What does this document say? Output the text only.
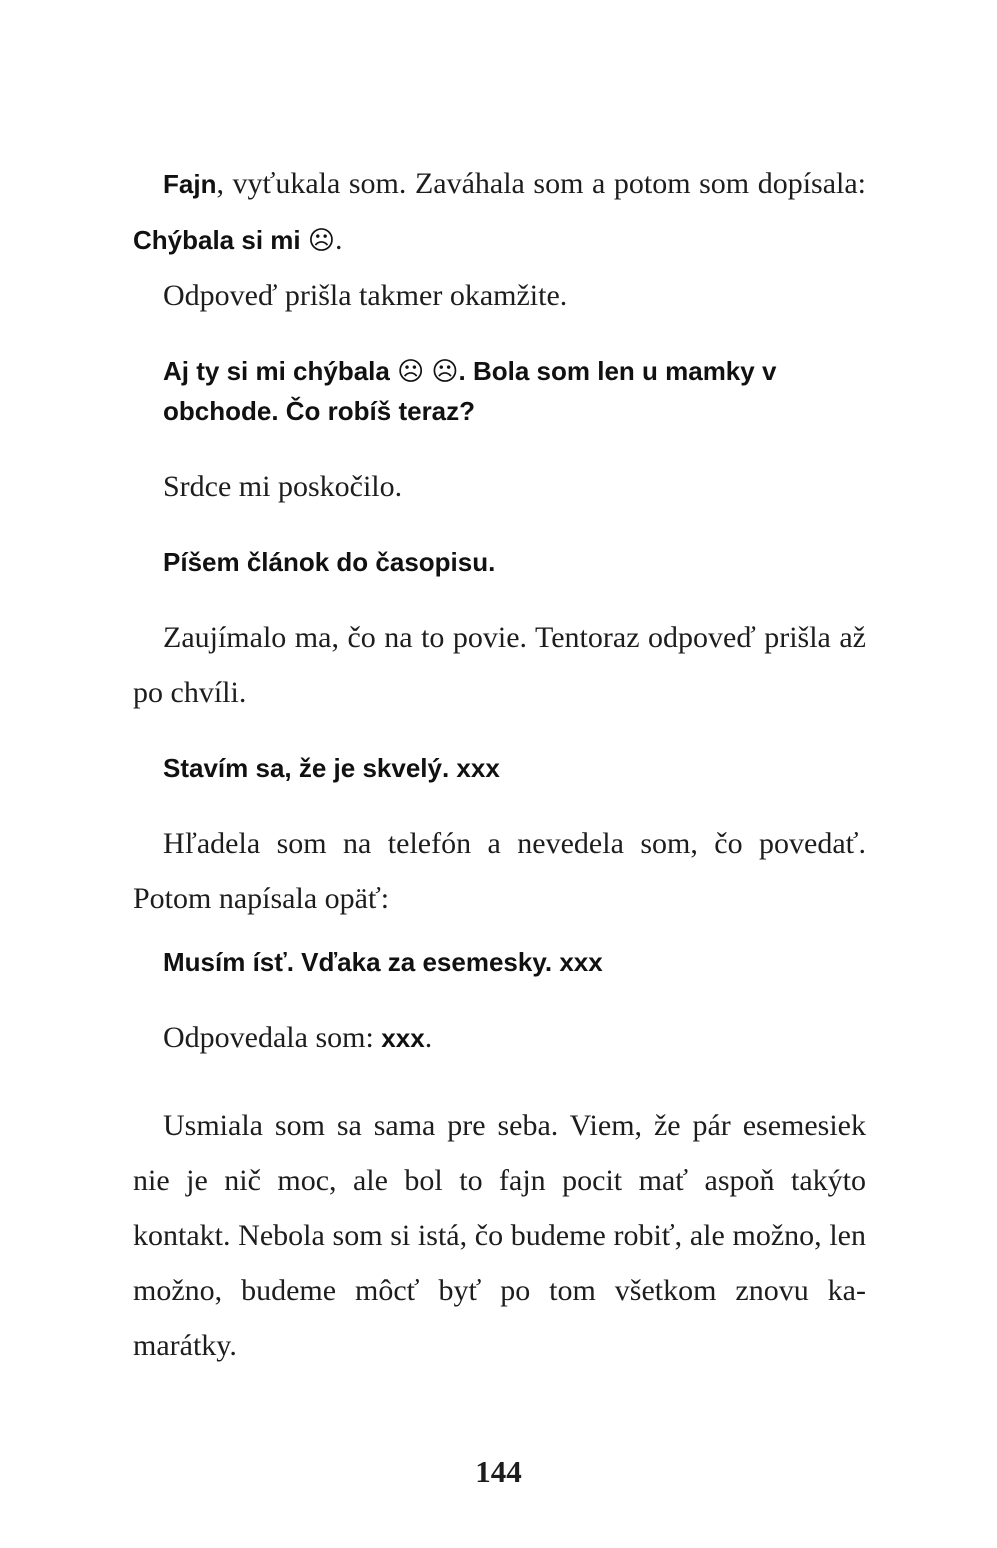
Fajn, vyťukala som. Zaváhala som a potom som dopísala: Chýbala si mi ☹.

Odpoveď prišla takmer okamžite.

Aj ty si mi chýbala ☹ ☹. Bola som len u mamky v obchode. Čo robíš teraz?

Srdce mi poskočilo.

Píšem článok do časopisu.

Zaujímalo ma, čo na to povie. Tentoraz odpoveď prišla až po chvíli.

Stavím sa, že je skvelý. xxx

Hľadela som na telefón a nevedela som, čo povedať. Potom napísala opäť:

Musím ísť. Vďaka za esemesky. xxx

Odpovedala som: xxx.

Usmiala som sa sama pre seba. Viem, že pár esemesiek nie je nič moc, ale bol to fajn pocit mať aspoň takýto kontakt. Nebola som si istá, čo budeme robiť, ale možno, len možno, budeme môcť byť po tom všetkom znovu kamarátky.

144
